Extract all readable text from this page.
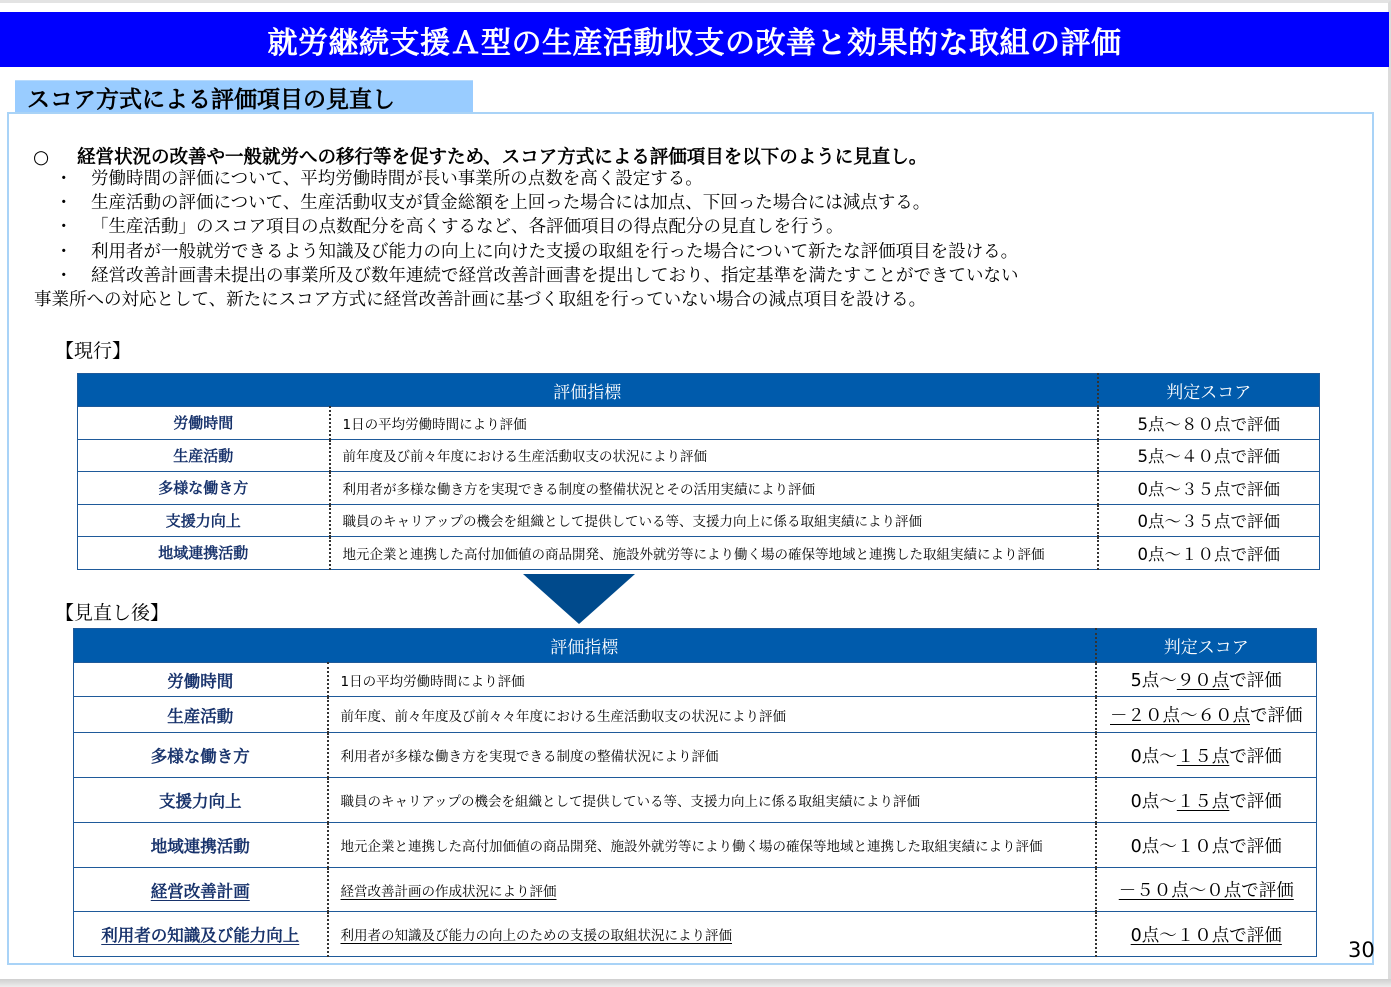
就労継続支援Ａ型の生産活動収支の改善と効果的な取組の評価
スコア方式による評価項目の見直し
○ 経営状況の改善や一般就労への移行等を促すため、スコア方式による評価項目を以下のように見直し。
・ 労働時間の評価について、平均労働時間が長い事業所の点数を高く設定する。
・ 生産活動の評価について、生産活動収支が賃金総額を上回った場合には加点、下回った場合には減点する。
・ 「生産活動」のスコア項目の点数配分を高くするなど、各評価項目の得点配分の見直しを行う。
・ 利用者が一般就労できるよう知識及び能力の向上に向けた支援の取組を行った場合について新たな評価項目を設ける。
・ 経営改善計画書未提出の事業所及び数年連続で経営改善計画書を提出しており、指定基準を満たすことができていない
事業所への対応として、新たにスコア方式に経営改善計画に基づく取組を行っていない場合の減点項目を設ける。
【現行】
評価指標		判定スコア
労働時間	1日の平均労働時間により評価	5点～８０点で評価
生産活動	前年度及び前々年度における生産活動収支の状況により評価	5点～４０点で評価
多様な働き方	利用者が多様な働き方を実現できる制度の整備状況とその活用実績により評価	0点～３５点で評価
支援力向上	職員のキャリアップの機会を組織として提供している等、支援力向上に係る取組実績により評価	0点～３５点で評価
地域連携活動	地元企業と連携した高付加価値の商品開発、施設外就労等により働く場の確保等地域と連携した取組実績により評価	0点～１０点で評価
【見直し後】
評価指標		判定スコア
労働時間	1日の平均労働時間により評価	5点～９０点で評価
生産活動	前年度、前々年度及び前々々年度における生産活動収支の状況により評価	－２０点～６０点で評価
多様な働き方	利用者が多様な働き方を実現できる制度の整備状況により評価	0点～１５点で評価
支援力向上	職員のキャリアップの機会を組織として提供している等、支援力向上に係る取組実績により評価	0点～１５点で評価
地域連携活動	地元企業と連携した高付加価値の商品開発、施設外就労等により働く場の確保等地域と連携した取組実績により評価	0点～１０点で評価
経営改善計画	経営改善計画の作成状況により評価	－５０点～０点で評価
利用者の知識及び能力向上	利用者の知識及び能力の向上のための支援の取組状況により評価	0点～１０点で評価
30
